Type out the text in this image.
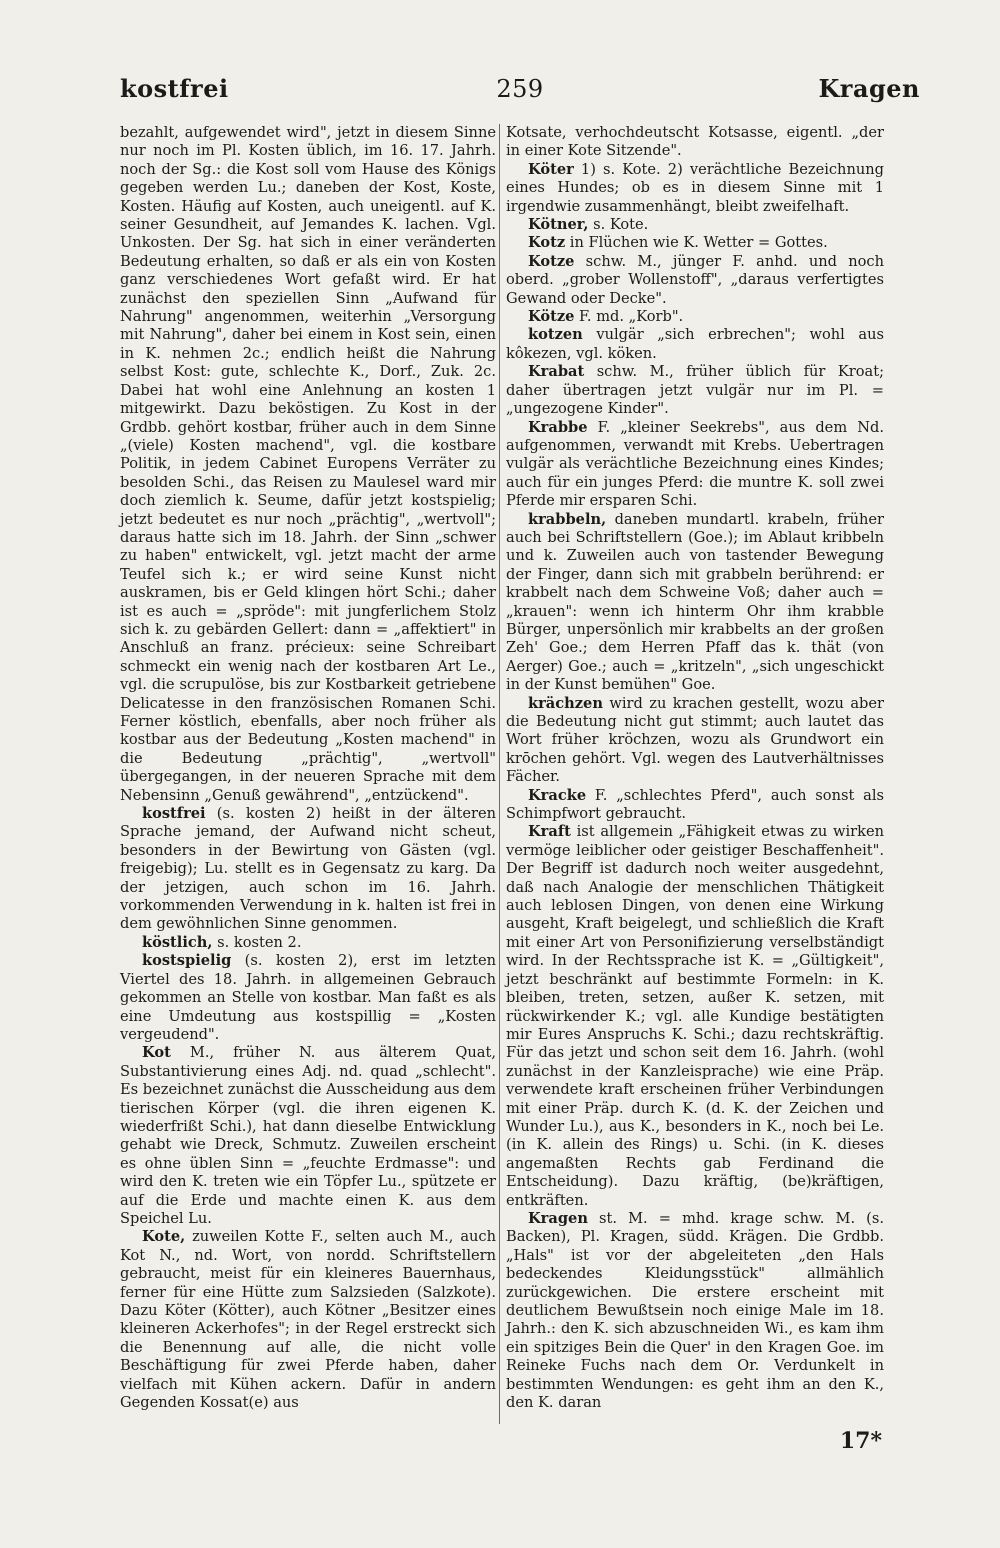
259
kostfrei	Kragen

bezahlt, aufgewendet wird", jetzt in diesem Sinne nur noch im Pl. Kosten üblich, im 16. 17. Jahrh. noch der Sg.: die Kost soll vom Hause des Königs gegeben werden Lu.; daneben der Kost, Koste, Kosten. Häufig auf Kosten, auch uneigentl. auf K. seiner Gesundheit, auf Jemandes K. lachen. Vgl. Unkosten. Der Sg. hat sich in einer veränderten Bedeutung erhalten, so daß er als ein von Kosten ganz verschiedenes Wort gefaßt wird. Er hat zunächst den speziellen Sinn „Aufwand für Nahrung" angenommen, weiterhin „Versorgung mit Nahrung", daher bei einem in Kost sein, einen in K. nehmen 2c.; endlich heißt die Nahrung selbst Kost: gute, schlechte K., Dorf., Zuk. 2c. Dabei hat wohl eine Anlehnung an kosten 1 mitgewirkt. Dazu beköstigen. Zu Kost in der Grdbb. gehört kostbar, früher auch in dem Sinne „(viele) Kosten machend", vgl. die kostbare Politik, in jedem Cabinet Europens Verräter zu besolden Schi., das Reisen zu Maulesel ward mir doch ziemlich k. Seume, dafür jetzt kostspielig; jetzt bedeutet es nur noch „prächtig", „wertvoll"; daraus hatte sich im 18. Jahrh. der Sinn „schwer zu haben" entwickelt, vgl. jetzt macht der arme Teufel sich k.; er wird seine Kunst nicht auskramen, bis er Geld klingen hört Schi.; daher ist es auch = „spröde": mit jungferlichem Stolz sich k. zu gebärden Gellert: dann = „affektiert" in Anschluß an franz. précieux: seine Schreibart schmeckt ein wenig nach der kostbaren Art Le., vgl. die scrupulöse, bis zur Kostbarkeit getriebene Delicatesse in den französischen Romanen Schi. Ferner köstlich, ebenfalls, aber noch früher als kostbar aus der Bedeutung „Kosten machend" in die Bedeutung „prächtig", „wertvoll" übergegangen, in der neueren Sprache mit dem Nebensinn „Genuß gewährend", „entzückend".

kostfrei (s. kosten 2) heißt in der älteren Sprache jemand, der Aufwand nicht scheut, besonders in der Bewirtung von Gästen (vgl. freigebig); Lu. stellt es in Gegensatz zu karg. Da der jetzigen, auch schon im 16. Jahrh. vorkommenden Verwendung in k. halten ist frei in dem gewöhnlichen Sinne genommen.

köstlich, s. kosten 2.

kostspielig (s. kosten 2), erst im letzten Viertel des 18. Jahrh. in allgemeinen Gebrauch gekommen an Stelle von kostbar. Man faßt es als eine Umdeutung aus kostspillig = „Kosten vergeudend".

Kot M., früher N. aus älterem Quat, Substantivierung eines Adj. nd. quad „schlecht". Es bezeichnet zunächst die Ausscheidung aus dem tierischen Körper (vgl. die ihren eigenen K. wiederfrißt Schi.), hat dann dieselbe Entwicklung gehabt wie Dreck, Schmutz. Zuweilen erscheint es ohne üblen Sinn = „feuchte Erdmasse": und wird den K. treten wie ein Töpfer Lu., spützete er auf die Erde und machte einen K. aus dem Speichel Lu.

Kote, zuweilen Kotte F., selten auch M., auch Kot N., nd. Wort, von nordd. Schriftstellern gebraucht, meist für ein kleineres Bauernhaus, ferner für eine Hütte zum Salzsieden (Salzkote). Dazu Köter (Kötter), auch Kötner „Besitzer eines kleineren Ackerhofes"; in der Regel erstreckt sich die Benennung auf alle, die nicht volle Beschäftigung für zwei Pferde haben, daher vielfach mit Kühen ackern. Dafür in andern Gegenden Kossat(e) aus

Kotsate, verhochdeutscht Kotsasse, eigentl. „der in einer Kote Sitzende".

Köter 1) s. Kote. 2) verächtliche Bezeichnung eines Hundes; ob es in diesem Sinne mit 1 irgendwie zusammenhängt, bleibt zweifelhaft.

Kötner, s. Kote.

Kotz in Flüchen wie K. Wetter = Gottes.

Kotze schw. M., jünger F. anhd. und noch oberd. „grober Wollenstoff", „daraus verfertigtes Gewand oder Decke".

Kötze F. md. „Korb".

kotzen vulgär „sich erbrechen"; wohl aus kôkezen, vgl. köken.

Krabat schw. M., früher üblich für Kroat; daher übertragen jetzt vulgär nur im Pl. = „ungezogene Kinder".

Krabbe F. „kleiner Seekrebs", aus dem Nd. aufgenommen, verwandt mit Krebs. Uebertragen vulgär als verächtliche Bezeichnung eines Kindes; auch für ein junges Pferd: die muntre K. soll zwei Pferde mir ersparen Schi.

krabbeln, daneben mundartl. krabeln, früher auch bei Schriftstellern (Goe.); im Ablaut kribbeln und k. Zuweilen auch von tastender Bewegung der Finger, dann sich mit grabbeln berührend: er krabbelt nach dem Schweine Voß; daher auch = „krauen": wenn ich hinterm Ohr ihm krabble Bürger, unpersönlich mir krabbelts an der großen Zeh' Goe.; dem Herren Pfaff das k. thät (von Aerger) Goe.; auch = „kritzeln", „sich ungeschickt in der Kunst bemühen" Goe.

krächzen wird zu krachen gestellt, wozu aber die Bedeutung nicht gut stimmt; auch lautet das Wort früher kröchzen, wozu als Grundwort ein krōchen gehört. Vgl. wegen des Lautverhältnisses Fächer.

Kracke F. „schlechtes Pferd", auch sonst als Schimpfwort gebraucht.

Kraft ist allgemein „Fähigkeit etwas zu wirken vermöge leiblicher oder geistiger Beschaffenheit". Der Begriff ist dadurch noch weiter ausgedehnt, daß nach Analogie der menschlichen Thätigkeit auch leblosen Dingen, von denen eine Wirkung ausgeht, Kraft beigelegt, und schließlich die Kraft mit einer Art von Personifizierung verselbständigt wird. In der Rechtssprache ist K. = „Gültigkeit", jetzt beschränkt auf bestimmte Formeln: in K. bleiben, treten, setzen, außer K. setzen, mit rückwirkender K.; vgl. alle Kundige bestätigten mir Eures Anspruchs K. Schi.; dazu rechtskräftig. Für das jetzt und schon seit dem 16. Jahrh. (wohl zunächst in der Kanzleisprache) wie eine Präp. verwendete kraft erscheinen früher Verbindungen mit einer Präp. durch K. (d. K. der Zeichen und Wunder Lu.), aus K., besonders in K., noch bei Le. (in K. allein des Rings) u. Schi. (in K. dieses angemaßten Rechts gab Ferdinand die Entscheidung). Dazu kräftig, (be)kräftigen, entkräften.

Kragen st. M. = mhd. krage schw. M. (s. Backen), Pl. Kragen, südd. Krägen. Die Grdbb. „Hals" ist vor der abgeleiteten „den Hals bedeckendes Kleidungsstück" allmählich zurückgewichen. Die erstere erscheint mit deutlichem Bewußtsein noch einige Male im 18. Jahrh.: den K. sich abzuschneiden Wi., es kam ihm ein spitziges Bein die Quer' in den Kragen Goe. im Reineke Fuchs nach dem Or. Verdunkelt in bestimmten Wendungen: es geht ihm an den K., den K. daran

17*
